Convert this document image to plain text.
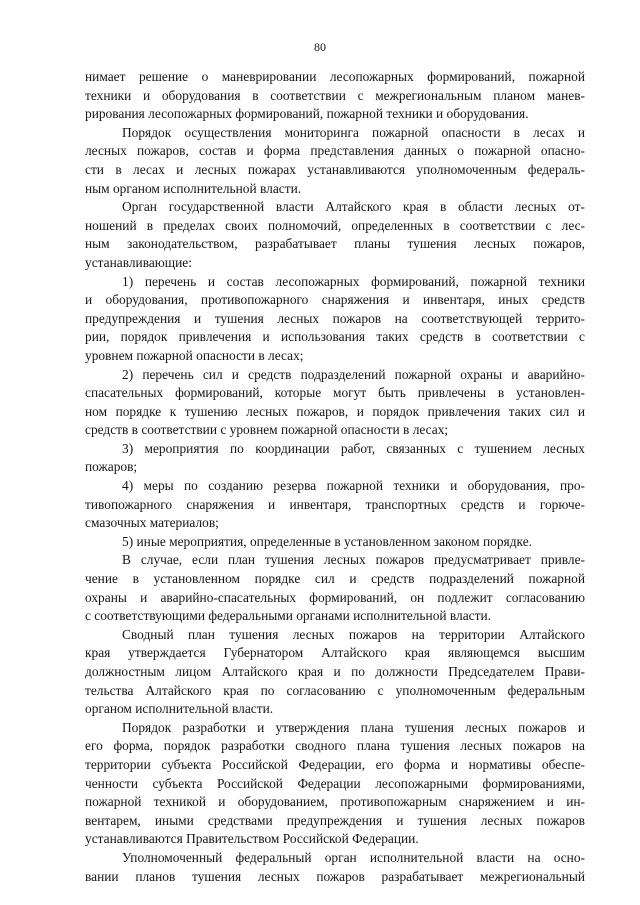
80

нимает решение о маневрировании лесопожарных формирований, пожарной
техники и оборудования в соответствии с межрегиональным планом манев-
рирования лесопожарных формирований, пожарной техники и оборудования.

Порядок осуществления мониторинга пожарной опасности в лесах и
лесных пожаров, состав и форма представления данных о пожарной опасно-
сти в лесах и лесных пожарах устанавливаются уполномоченным федераль-
ным органом исполнительной власти.

Орган государственной власти Алтайского края в области лесных от-
ношений в пределах своих полномочий, определенных в соответствии с лес-
ным законодательством, разрабатывает планы тушения лесных пожаров,
устанавливающие:

1) перечень и состав лесопожарных формирований, пожарной техники
и оборудования, противопожарного снаряжения и инвентаря, иных средств
предупреждения и тушения лесных пожаров на соответствующей террито-
рии, порядок привлечения и использования таких средств в соответствии с
уровнем пожарной опасности в лесах;

2) перечень сил и средств подразделений пожарной охраны и аварийно-
спасательных формирований, которые могут быть привлечены в установлен-
ном порядке к тушению лесных пожаров, и порядок привлечения таких сил и
средств в соответствии с уровнем пожарной опасности в лесах;

3) мероприятия по координации работ, связанных с тушением лесных
пожаров;

4) меры по созданию резерва пожарной техники и оборудования, про-
тивопожарного снаряжения и инвентаря, транспортных средств и горюче-
смазочных материалов;

5) иные мероприятия, определенные в установленном законом порядке.

В случае, если план тушения лесных пожаров предусматривает привле-
чение в установленном порядке сил и средств подразделений пожарной
охраны и аварийно-спасательных формирований, он подлежит согласованию
с соответствующими федеральными органами исполнительной власти.

Сводный план тушения лесных пожаров на территории Алтайского
края утверждается Губернатором Алтайского края являющемся высшим
должностным лицом Алтайского края и по должности Председателем Прави-
тельства Алтайского края по согласованию с уполномоченным федеральным
органом исполнительной власти.

Порядок разработки и утверждения плана тушения лесных пожаров и
его форма, порядок разработки сводного плана тушения лесных пожаров на
территории субъекта Российской Федерации, его форма и нормативы обеспе-
ченности субъекта Российской Федерации лесопожарными формированиями,
пожарной техникой и оборудованием, противопожарным снаряжением и ин-
вентарем, иными средствами предупреждения и тушения лесных пожаров
устанавливаются Правительством Российской Федерации.

Уполномоченный федеральный орган исполнительной власти на осно-
вании планов тушения лесных пожаров разрабатывает межрегиональный
